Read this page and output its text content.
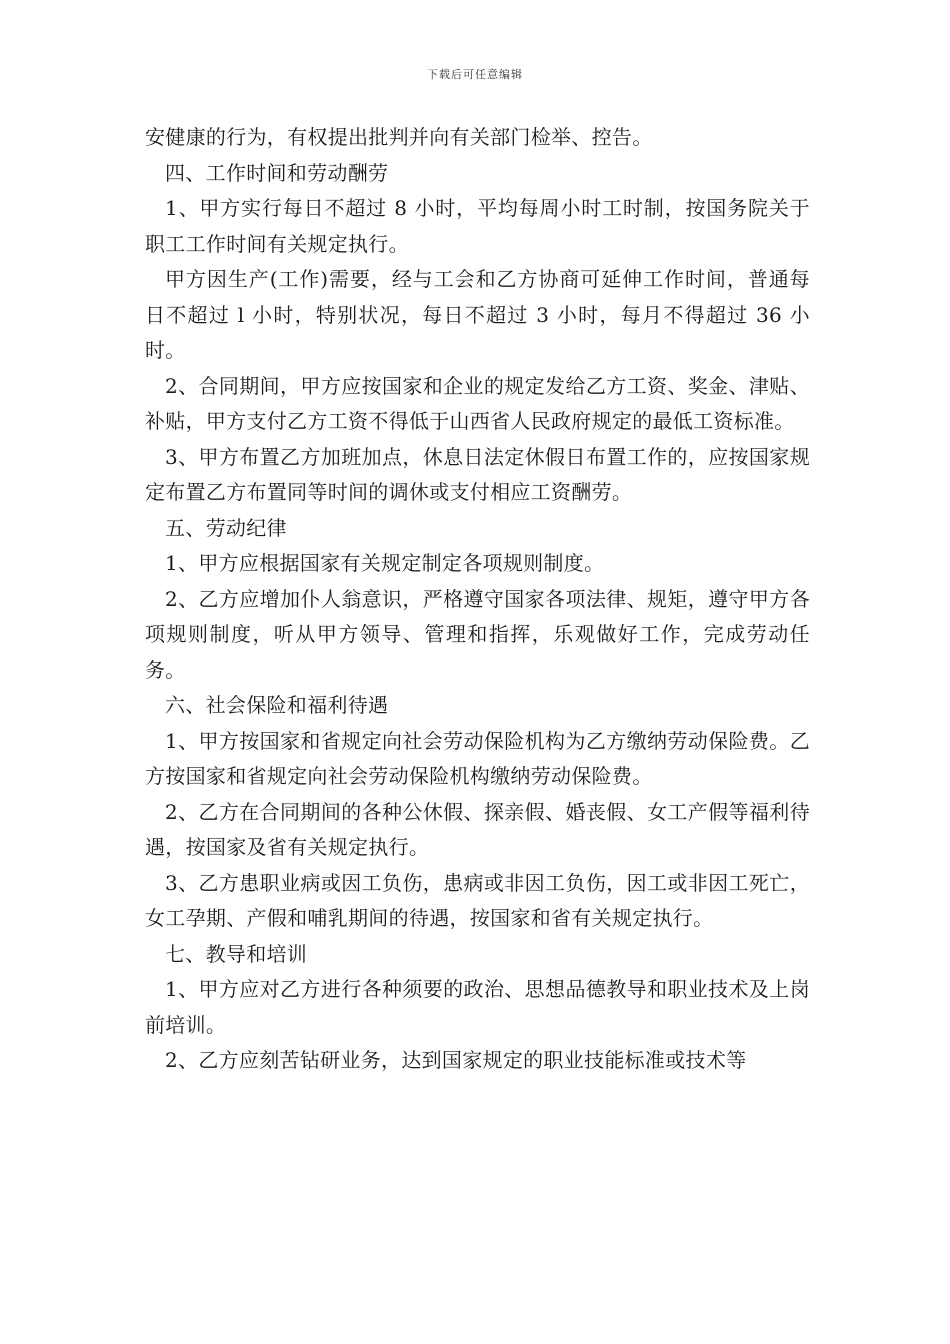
下载后可任意编辑

安健康的行为，有权提出批判并向有关部门检举、控告。

四、工作时间和劳动酬劳

1、甲方实行每日不超过 8 小时，平均每周小时工时制，按国务院关于职工工作时间有关规定执行。

甲方因生产(工作)需要，经与工会和乙方协商可延伸工作时间，普通每日不超过 l 小时，特别状况，每日不超过 3 小时，每月不得超过 36 小时。

2、合同期间，甲方应按国家和企业的规定发给乙方工资、奖金、津贴、补贴，甲方支付乙方工资不得低于山西省人民政府规定的最低工资标准。

3、甲方布置乙方加班加点，休息日法定休假日布置工作的，应按国家规定布置乙方布置同等时间的调休或支付相应工资酬劳。

五、劳动纪律

1、甲方应根据国家有关规定制定各项规则制度。

2、乙方应增加仆人翁意识，严格遵守国家各项法律、规矩，遵守甲方各项规则制度，听从甲方领导、管理和指挥，乐观做好工作，完成劳动任务。

六、社会保险和福利待遇

1、甲方按国家和省规定向社会劳动保险机构为乙方缴纳劳动保险费。乙方按国家和省规定向社会劳动保险机构缴纳劳动保险费。

2、乙方在合同期间的各种公休假、探亲假、婚丧假、女工产假等福利待遇，按国家及省有关规定执行。

3、乙方患职业病或因工负伤，患病或非因工负伤，因工或非因工死亡，女工孕期、产假和哺乳期间的待遇，按国家和省有关规定执行。

七、教导和培训

1、甲方应对乙方进行各种须要的政治、思想品德教导和职业技术及上岗前培训。

2、乙方应刻苦钻研业务，达到国家规定的职业技能标准或技术等
